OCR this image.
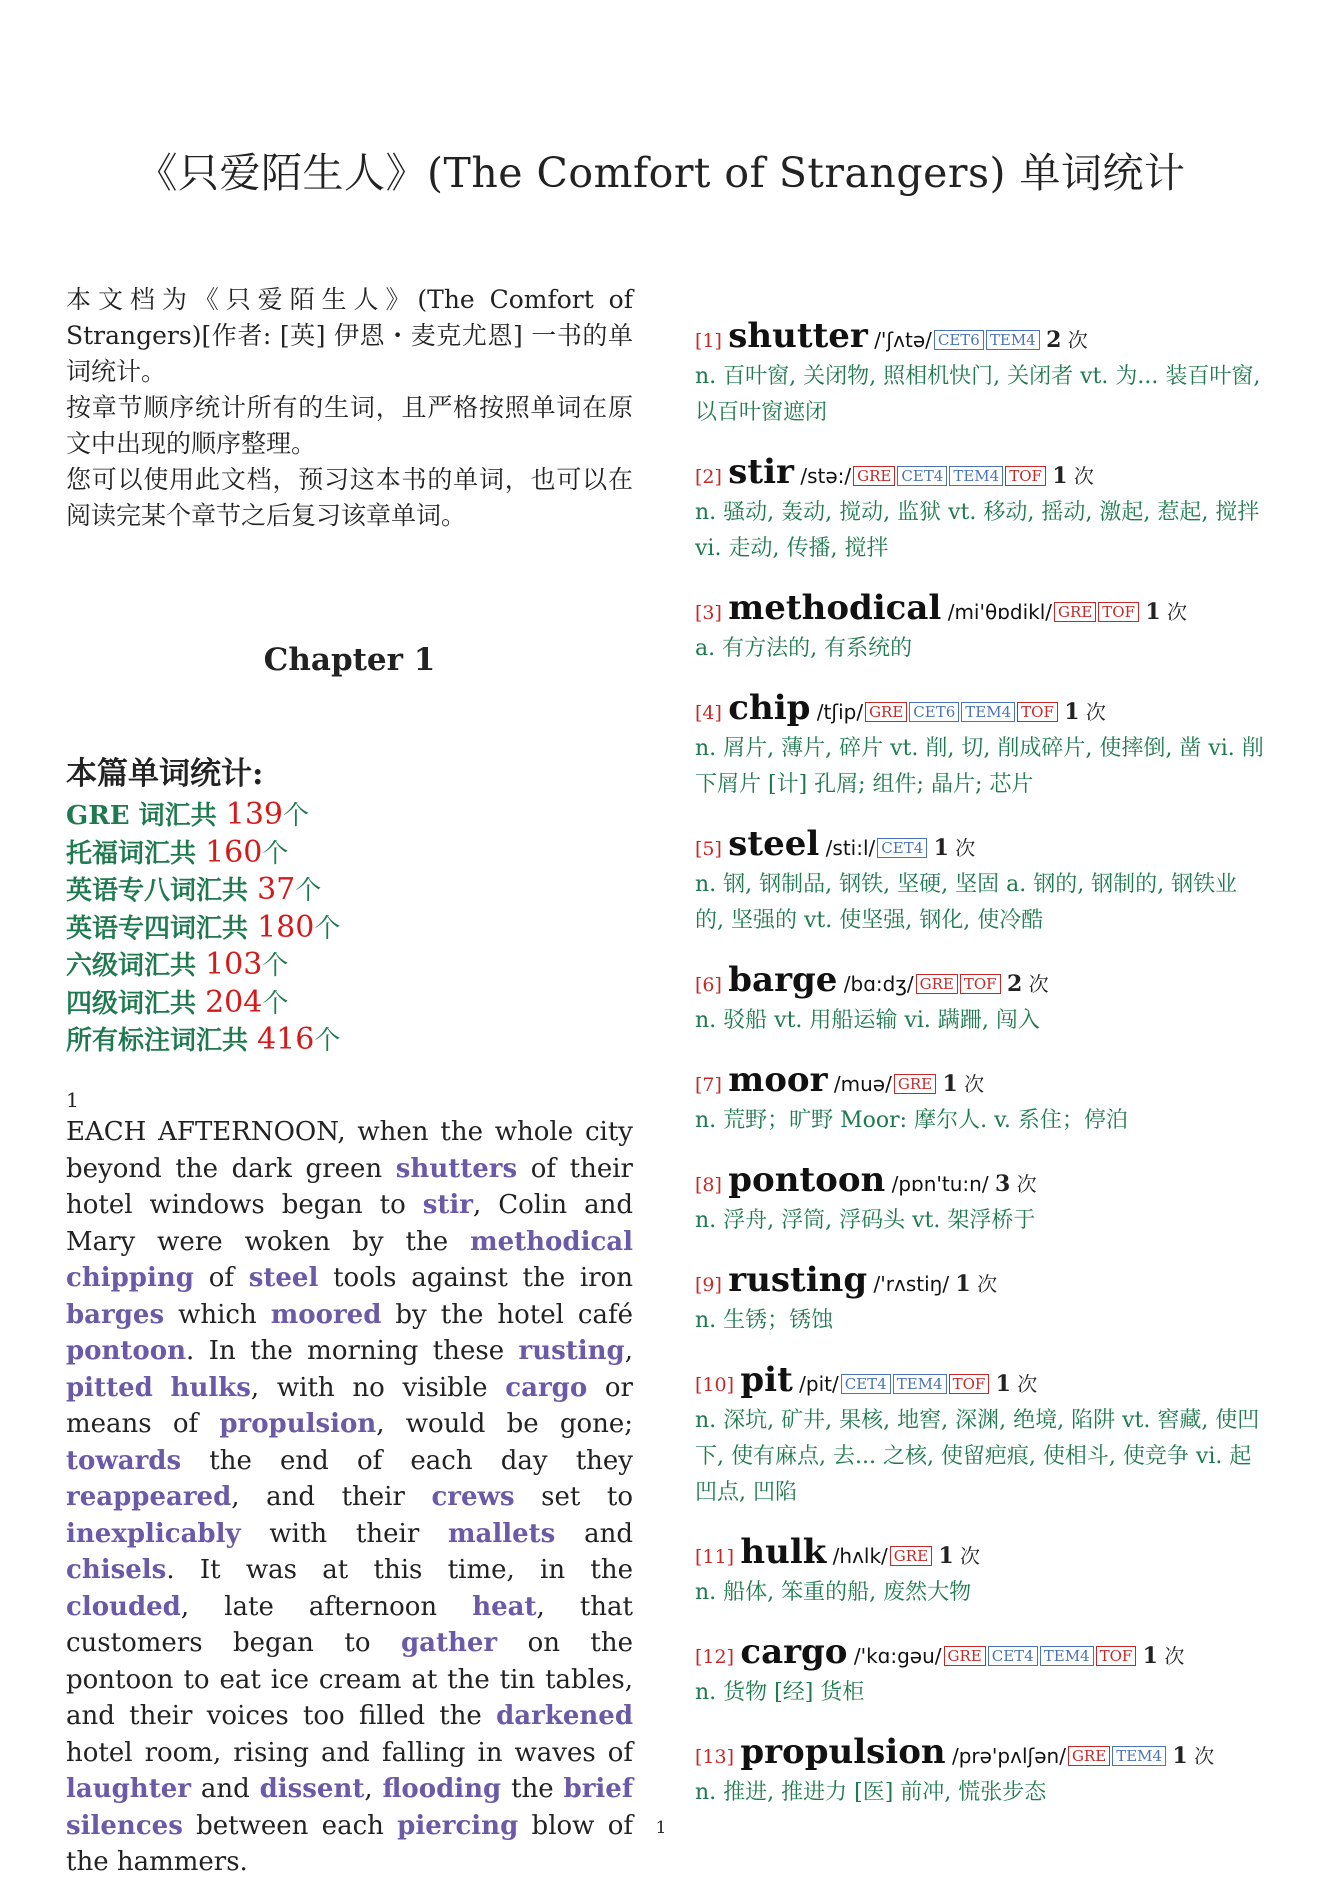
《只爱陌生人》(The Comfort of Strangers) 单词统计

本文档为《只爱陌生人》(The Comfort of Strangers)[作者: [英] 伊恩・麦克尤恩] 一书的单词统计。

按章节顺序统计所有的生词，且严格按照单词在原文中出现的顺序整理。

您可以使用此文档，预习这本书的单词，也可以在阅读完某个章节之后复习该章单词。

Chapter 1
本篇单词统计:
GRE 词汇共 139个
托福词汇共 160个
英语专八词汇共 37个
英语专四词汇共 180个
六级词汇共 103个
四级词汇共 204个
所有标注词汇共 416个
1

EACH AFTERNOON, when the whole city beyond the dark green shutters of their hotel windows began to stir, Colin and Mary were woken by the methodical chipping of steel tools against the iron barges which moored by the hotel café pontoon. In the morning these rusting, pitted hulks, with no visible cargo or means of propulsion, would be gone; towards the end of each day they reappeared, and their crews set to inexplicably with their mallets and chisels. It was at this time, in the clouded, late afternoon heat, that customers began to gather on the pontoon to eat ice cream at the tin tables, and their voices too filled the darkened hotel room, rising and falling in waves of laughter and dissent, flooding the brief silences between each piercing blow of the hammers.

[1] shutter /'ʃʌtə/ CET6 TEM4 2 次

n. 百叶窗, 关闭物, 照相机快门, 关闭者 vt. 为... 装百叶窗, 以百叶窗遮闭

[2] stir /stə:/ GRE CET4 TEM4 TOF 1 次

n. 骚动, 轰动, 搅动, 监狱 vt. 移动, 摇动, 激起, 惹起, 搅拌 vi. 走动, 传播, 搅拌

[3] methodical /mi'θɒdikl/ GRE TOF 1 次

a. 有方法的, 有系统的

[4] chip /tʃip/ GRE CET6 TEM4 TOF 1 次

n. 屑片, 薄片, 碎片 vt. 削, 切, 削成碎片, 使摔倒, 凿 vi. 削下屑片 [计] 孔屑; 组件; 晶片; 芯片

[5] steel /sti:l/ CET4 1 次

n. 钢, 钢制品, 钢铁, 坚硬, 坚固 a. 钢的, 钢制的, 钢铁业的, 坚强的 vt. 使坚强, 钢化, 使冷酷

[6] barge /bɑ:dʒ/ GRE TOF 2 次

n. 驳船 vt. 用船运输 vi. 蹒跚, 闯入

[7] moor /muə/ GRE 1 次

n. 荒野；旷野 Moor: 摩尔人. v. 系住；停泊

[8] pontoon /pɒn'tu:n/ 3 次

n. 浮舟, 浮筒, 浮码头 vt. 架浮桥于

[9] rusting /'rʌstiŋ/ 1 次

n. 生锈；锈蚀

[10] pit /pit/ CET4 TEM4 TOF 1 次

n. 深坑, 矿井, 果核, 地窖, 深渊, 绝境, 陷阱 vt. 窖藏, 使凹下, 使有麻点, 去... 之核, 使留疤痕, 使相斗, 使竞争 vi. 起凹点, 凹陷

[11] hulk /hʌlk/ GRE 1 次

n. 船体, 笨重的船, 废然大物

[12] cargo /'kɑ:gəu/ GRE CET4 TEM4 TOF 1 次

n. 货物 [经] 货柜

[13] propulsion /prə'pʌlʃən/ GRE TEM4 1 次

n. 推进, 推进力 [医] 前冲, 慌张步态

1
